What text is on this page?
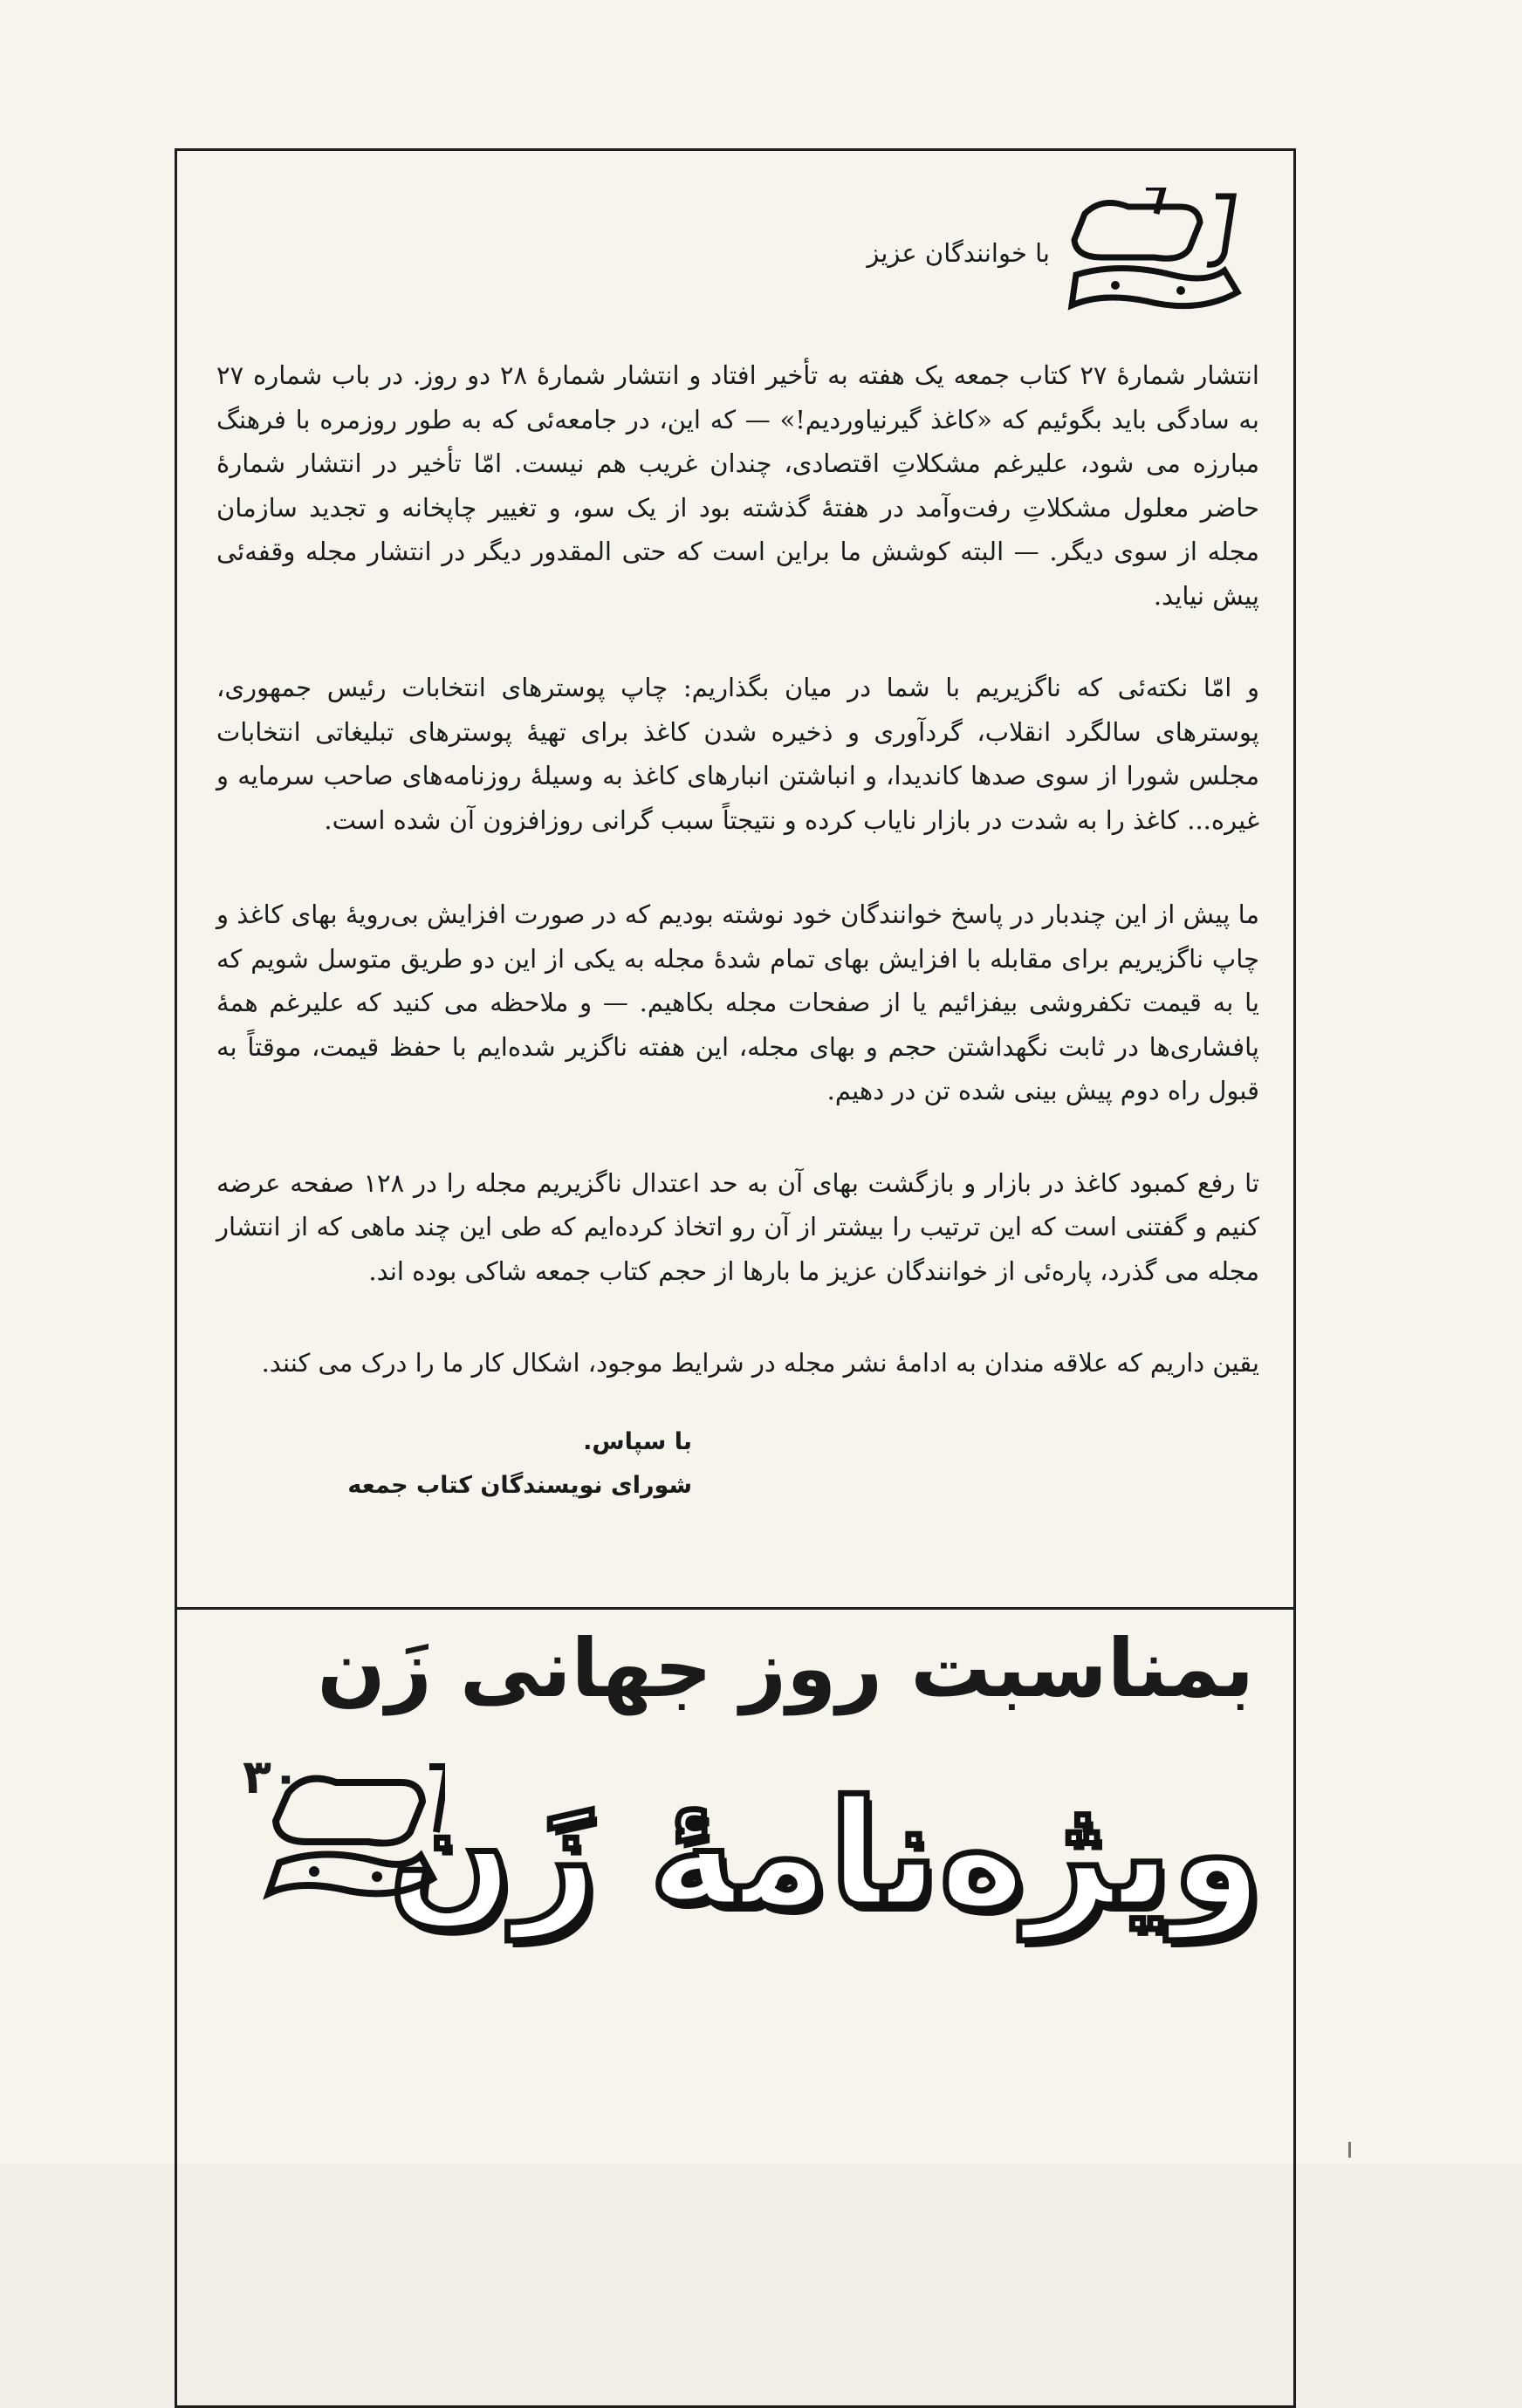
با خوانندگان عزیز

انتشار شمارهٔ ۲۷ کتاب جمعه یک هفته به تأخیر افتاد و انتشار شمارهٔ ۲۸ دو روز. در باب شماره ۲۷ به سادگی باید بگوئیم که «کاغذ گیرنیاوردیم!» — که این، در جامعه‌ئی که به طور روزمره با فرهنگ مبارزه می شود، علیرغم مشکلاتِ اقتصادی، چندان غریب هم نیست. امّا تأخیر در انتشار شمارهٔ حاضر معلول مشکلاتِ رفت‌وآمد در هفتهٔ گذشته بود از یک سو، و تغییر چاپخانه و تجدید سازمان مجله از سوی دیگر. — البته کوشش ما براین است که حتی المقدور دیگر در انتشار مجله وقفه‌ئی پیش نیاید.

و امّا نکته‌ئی که ناگزیریم با شما در میان بگذاریم: چاپ پوسترهای انتخابات رئیس جمهوری، پوسترهای سالگرد انقلاب، گردآوری و ذخیره شدن کاغذ برای تهیهٔ پوسترهای تبلیغاتی انتخابات مجلس شورا از سوی صدها کاندیدا، و انباشتن انبارهای کاغذ به وسیلهٔ روزنامه‌های صاحب سرمایه و غیره... کاغذ را به شدت در بازار نایاب کرده و نتیجتاً سبب گرانی روزافزون آن شده است.

ما پیش از این چندبار در پاسخ خوانندگان خود نوشته بودیم که در صورت افزایش بی‌رویهٔ بهای کاغذ و چاپ ناگزیریم برای مقابله با افزایش بهای تمام شدهٔ مجله به یکی از این دو طریق متوسل شویم که یا به قیمت تکفروشی بیفزائیم یا از صفحات مجله بکاهیم. — و ملاحظه می کنید که علیرغم همهٔ پافشاری‌ها در ثابت نگهداشتن حجم و بهای مجله، این هفته ناگزیر شده‌ایم با حفظ قیمت، موقتاً به قبول راه دوم پیش بینی شده تن در دهیم.

تا رفع کمبود کاغذ در بازار و بازگشت بهای آن به حد اعتدال ناگزیریم مجله را در ۱۲۸ صفحه عرضه کنیم و گفتنی است که این ترتیب را بیشتر از آن رو اتخاذ کرده‌ایم که طی این چند ماهی که از انتشار مجله می گذرد، پاره‌ئی از خوانندگان عزیز ما بارها از حجم کتاب جمعه شاکی بوده اند.

یقین داریم که علاقه مندان به ادامهٔ نشر مجله در شرایط موجود، اشکال کار ما را درک می کنند.

با سپاس.
شورای نویسندگان کتاب جمعه
بمناسبت روز جهانی زَن
ویژه‌نامهٔ زَن
۳۰
